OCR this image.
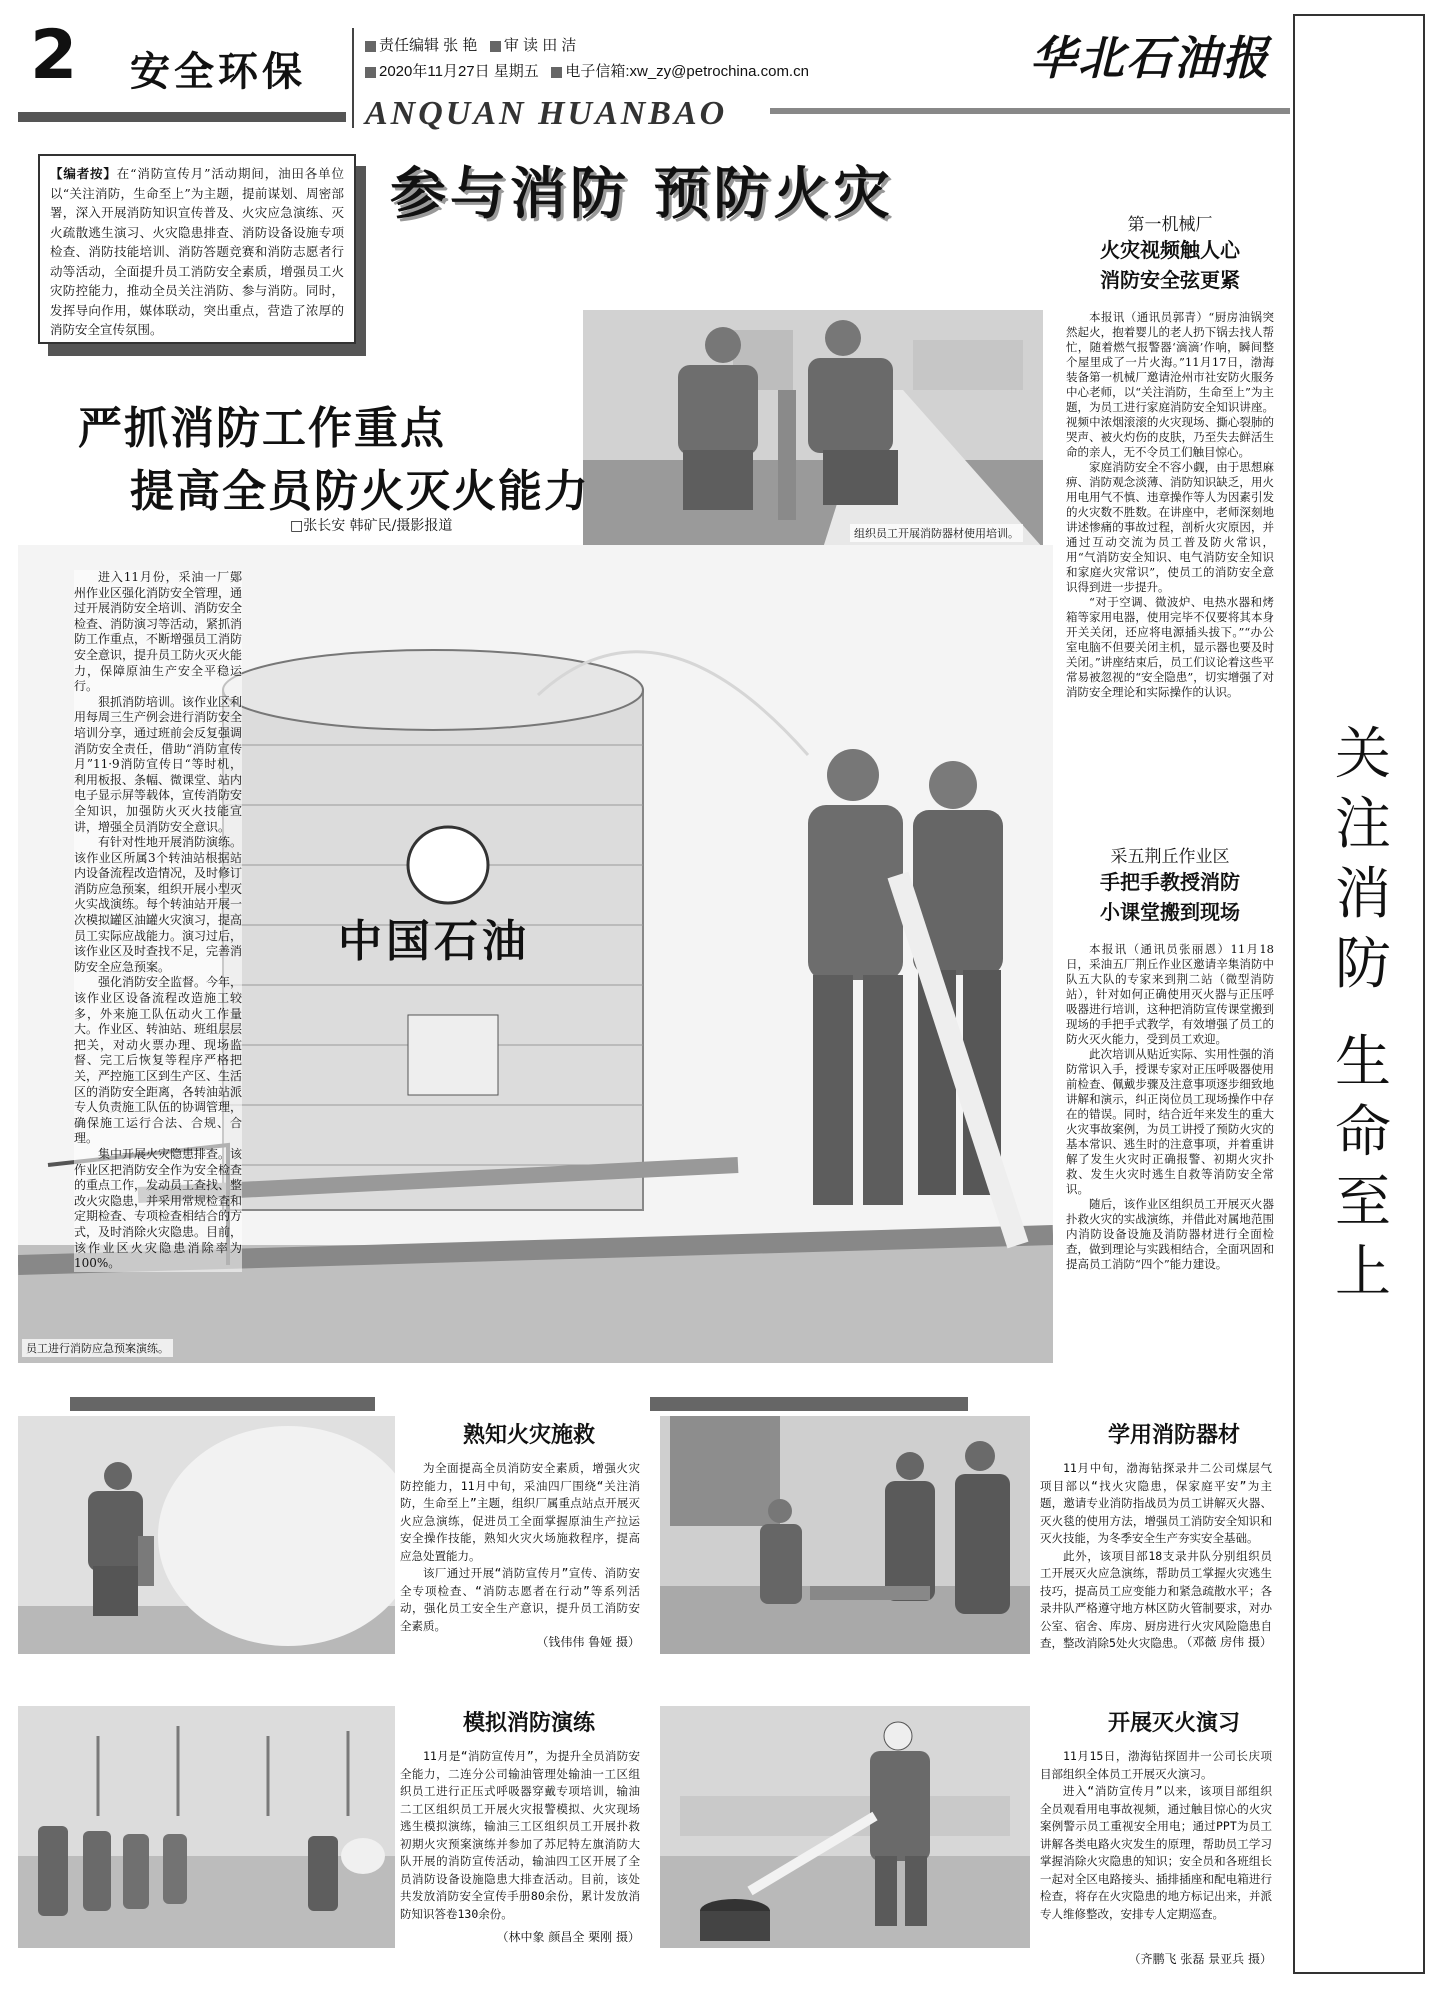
2 安全环保
责任编辑 张 艳 审 读 田 洁
2020年11月27日 星期五 电子信箱:xw_zy@petrochina.com.cn
ANQUAN HUANBAO
华北石油报
关
注
消
防
生
命
至
上
【编者按】在“消防宣传月”活动期间，油田各单位以“关注消防，生命至上”为主题，提前谋划、周密部署，深入开展消防知识宣传普及、火灾应急演练、灭火疏散逃生演习、火灾隐患排查、消防设备设施专项检查、消防技能培训、消防答题竞赛和消防志愿者行动等活动，全面提升员工消防安全素质，增强员工火灾防控能力，推动全员关注消防、参与消防。同时，发挥导向作用，媒体联动，突出重点，营造了浓厚的消防安全宣传氛围。
参与消防 预防火灾
组织员工开展消防器材使用培训。
严抓消防工作重点
提高全员防火灭火能力
□张长安 韩矿民/摄影报道
中国石油
员工进行消防应急预案演练。

进入11月份，采油一厂鄚州作业区强化消防安全管理，通过开展消防安全培训、消防安全检查、消防演习等活动，紧抓消防工作重点，不断增强员工消防安全意识，提升员工防火灭火能力，保障原油生产安全平稳运行。

狠抓消防培训。该作业区利用每周三生产例会进行消防安全培训分享，通过班前会反复强调消防安全责任，借助“消防宣传月”11·9消防宣传日“等时机，利用板报、条幅、微课堂、站内电子显示屏等载体，宣传消防安全知识，加强防火灭火技能宣讲，增强全员消防安全意识。

有针对性地开展消防演练。该作业区所属3个转油站根据站内设备流程改造情况，及时修订消防应急预案，组织开展小型灭火实战演练。每个转油站开展一次模拟罐区油罐火灾演习，提高员工实际应战能力。演习过后，该作业区及时查找不足，完善消防安全应急预案。

强化消防安全监督。今年，该作业区设备流程改造施工较多，外来施工队伍动火工作量大。作业区、转油站、班组层层把关，对动火票办理、现场监督、完工后恢复等程序严格把关，严控施工区到生产区、生活区的消防安全距离，各转油站派专人负责施工队伍的协调管理，确保施工运行合法、合规、合理。

集中开展火灾隐患排查。该作业区把消防安全作为安全检查的重点工作，发动员工查找、整改火灾隐患，并采用常规检查和定期检查、专项检查相结合的方式，及时消除火灾隐患。目前，该作业区火灾隐患消除率为100%。

第一机械厂
火灾视频触人心
消防安全弦更紧

本报讯（通讯员郭青）“厨房油锅突然起火，抱着婴儿的老人扔下锅去找人帮忙，随着燃气报警器‘滴滴’作响，瞬间整个屋里成了一片火海。”11月17日，渤海装备第一机械厂邀请沧州市社安防火服务中心老师，以“关注消防，生命至上”为主题，为员工进行家庭消防安全知识讲座。视频中浓烟滚滚的火灾现场、撕心裂肺的哭声、被火灼伤的皮肤，乃至失去鲜活生命的亲人，无不令员工们触目惊心。

家庭消防安全不容小觑，由于思想麻痹、消防观念淡薄、消防知识缺乏，用火用电用气不慎、违章操作等人为因素引发的火灾数不胜数。在讲座中，老师深刻地讲述惨痛的事故过程，剖析火灾原因，并通过互动交流为员工普及防火常识，用“气消防安全知识、电气消防安全知识和家庭火灾常识”，使员工的消防安全意识得到进一步提升。

“对于空调、微波炉、电热水器和烤箱等家用电器，使用完毕不仅要将其本身开关关闭，还应将电源插头拔下。”“办公室电脑不但要关闭主机，显示器也要及时关闭。”讲座结束后，员工们议论着这些平常易被忽视的“安全隐患”，切实增强了对消防安全理论和实际操作的认识。

采五荆丘作业区
手把手教授消防
小课堂搬到现场

本报讯（通讯员张丽恩）11月18日，采油五厂荆丘作业区邀请辛集消防中队五大队的专家来到荆二站（微型消防站），针对如何正确使用灭火器与正压呼吸器进行培训，这种把消防宣传课堂搬到现场的手把手式教学，有效增强了员工的防火灭火能力，受到员工欢迎。

此次培训从贴近实际、实用性强的消防常识入手，授课专家对正压呼吸器使用前检查、佩戴步骤及注意事项逐步细致地讲解和演示，纠正岗位员工现场操作中存在的错误。同时，结合近年来发生的重大火灾事故案例，为员工讲授了预防火灾的基本常识、逃生时的注意事项，并着重讲解了发生火灾时正确报警、初期火灾扑救、发生火灾时逃生自救等消防安全常识。

随后，该作业区组织员工开展灭火器扑救火灾的实战演练，并借此对属地范围内消防设备设施及消防器材进行全面检查，做到理论与实践相结合，全面巩固和提高员工消防“四个”能力建设。

熟知火灾施救

为全面提高全员消防安全素质，增强火灾防控能力，11月中旬，采油四厂围绕“关注消防，生命至上”主题，组织厂属重点站点开展灭火应急演练，促进员工全面掌握原油生产拉运安全操作技能，熟知火灾火场施救程序，提高应急处置能力。

该厂通过开展“消防宣传月”宣传、消防安全专项检查、“消防志愿者在行动”等系列活动，强化员工安全生产意识，提升员工消防安全素质。

（钱伟伟 鲁娅 摄）
学用消防器材

11月中旬，渤海钻探录井二公司煤层气项目部以“找火灾隐患，保家庭平安”为主题，邀请专业消防指战员为员工讲解灭火器、灭火毯的使用方法，增强员工消防安全知识和灭火技能，为冬季安全生产夯实安全基础。

此外，该项目部18支录井队分别组织员工开展灭火应急演练，帮助员工掌握火灾逃生技巧，提高员工应变能力和紧急疏散水平；各录井队严格遵守地方林区防火管制要求，对办公室、宿舍、库房、厨房进行火灾风险隐患自查，整改消除5处火灾隐患。

（邓薇 房伟 摄）
模拟消防演练

11月是“消防宣传月”，为提升全员消防安全能力，二连分公司输油管理处输油一工区组织员工进行正压式呼吸器穿戴专项培训，输油二工区组织员工开展火灾报警模拟、火灾现场逃生模拟演练，输油三工区组织员工开展扑救初期火灾预案演练并参加了苏尼特左旗消防大队开展的消防宣传活动，输油四工区开展了全员消防设备设施隐患大排查活动。目前，该处共发放消防安全宣传手册80余份，累计发放消防知识答卷130余份。

（林中象 颜昌全 栗刚 摄）
开展灭火演习

11月15日，渤海钻探固井一公司长庆项目部组织全体员工开展灭火演习。

进入“消防宣传月”以来，该项目部组织全员观看用电事故视频，通过触目惊心的火灾案例警示员工重视安全用电；通过PPT为员工讲解各类电路火灾发生的原理，帮助员工学习掌握消除火灾隐患的知识；安全员和各班组长一起对全区电路接头、插排插座和配电箱进行检查，将存在火灾隐患的地方标记出来，并派专人维修整改，安排专人定期巡查。

（齐鹏飞 张磊 景亚兵 摄）
